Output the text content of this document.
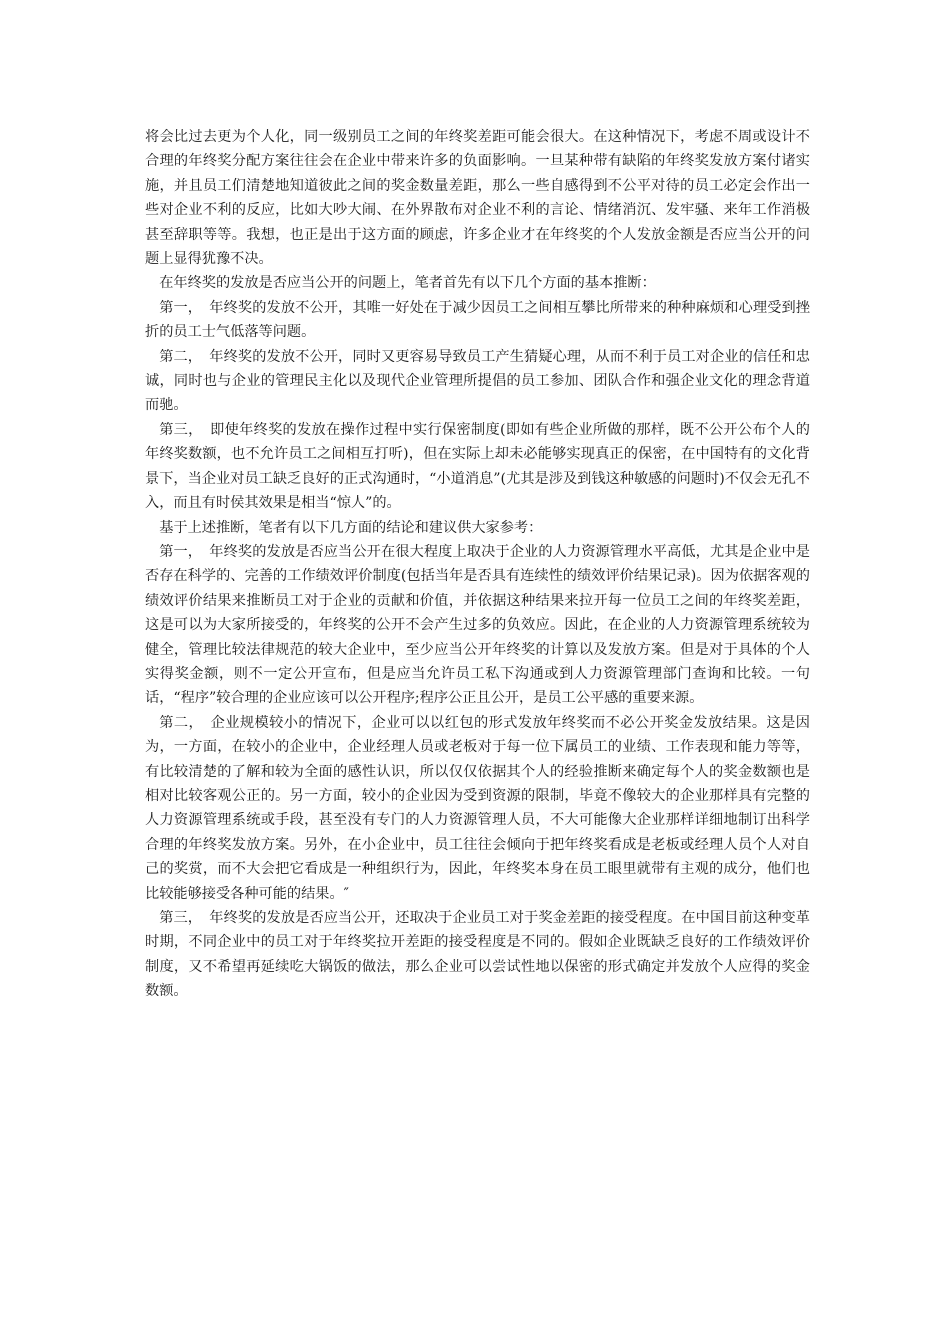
将会比过去更为个人化，同一级别员工之间的年终奖差距可能会很大。在这种情况下，考虑不周或设计不合理的年终奖分配方案往往会在企业中带来许多的负面影响。一旦某种带有缺陷的年终奖发放方案付诸实施，并且员工们清楚地知道彼此之间的奖金数量差距，那么一些自感得到不公平对待的员工必定会作出一些对企业不利的反应，比如大吵大闹、在外界散布对企业不利的言论、情绪消沉、发牢骚、来年工作消极甚至辞职等等。我想，也正是出于这方面的顾虑，许多企业才在年终奖的个人发放金额是否应当公开的问题上显得犹豫不决。

在年终奖的发放是否应当公开的问题上，笔者首先有以下几个方面的基本推断：

第一，　年终奖的发放不公开，其唯一好处在于减少因员工之间相互攀比所带来的种种麻烦和心理受到挫折的员工士气低落等问题。

第二，　年终奖的发放不公开，同时又更容易导致员工产生猜疑心理，从而不利于员工对企业的信任和忠诚，同时也与企业的管理民主化以及现代企业管理所提倡的员工参加、团队合作和强企业文化的理念背道而驰。

第三，　即使年终奖的发放在操作过程中实行保密制度(即如有些企业所做的那样，既不公开公布个人的年终奖数额，也不允许员工之间相互打听)，但在实际上却未必能够实现真正的保密，在中国特有的文化背景下，当企业对员工缺乏良好的正式沟通时，“小道消息”(尤其是涉及到钱这种敏感的问题时)不仅会无孔不入，而且有时侯其效果是相当“惊人”的。

基于上述推断，笔者有以下几方面的结论和建议供大家参考：

第一，　年终奖的发放是否应当公开在很大程度上取决于企业的人力资源管理水平高低，尤其是企业中是否存在科学的、完善的工作绩效评价制度(包括当年是否具有连续性的绩效评价结果记录)。因为依据客观的绩效评价结果来推断员工对于企业的贡献和价值，并依据这种结果来拉开每一位员工之间的年终奖差距，这是可以为大家所接受的，年终奖的公开不会产生过多的负效应。因此，在企业的人力资源管理系统较为健全，管理比较法律规范的较大企业中，至少应当公开年终奖的计算以及发放方案。但是对于具体的个人实得奖金额，则不一定公开宣布，但是应当允许员工私下沟通或到人力资源管理部门查询和比较。一句话，“程序”较合理的企业应该可以公开程序;程序公正且公开，是员工公平感的重要来源。

第二，　企业规模较小的情况下，企业可以以红包的形式发放年终奖而不必公开奖金发放结果。这是因为，一方面，在较小的企业中，企业经理人员或老板对于每一位下属员工的业绩、工作表现和能力等等，有比较清楚的了解和较为全面的感性认识，所以仅仅依据其个人的经验推断来确定每个人的奖金数额也是相对比较客观公正的。另一方面，较小的企业因为受到资源的限制，毕竟不像较大的企业那样具有完整的人力资源管理系统或手段，甚至没有专门的人力资源管理人员，不大可能像大企业那样详细地制订出科学合理的年终奖发放方案。另外，在小企业中，员工往往会倾向于把年终奖看成是老板或经理人员个人对自己的奖赏，而不大会把它看成是一种组织行为，因此，年终奖本身在员工眼里就带有主观的成分，他们也比较能够接受各种可能的结果。″

第三，　年终奖的发放是否应当公开，还取决于企业员工对于奖金差距的接受程度。在中国目前这种变革时期，不同企业中的员工对于年终奖拉开差距的接受程度是不同的。假如企业既缺乏良好的工作绩效评价制度，又不希望再延续吃大锅饭的做法，那么企业可以尝试性地以保密的形式确定并发放个人应得的奖金数额。
